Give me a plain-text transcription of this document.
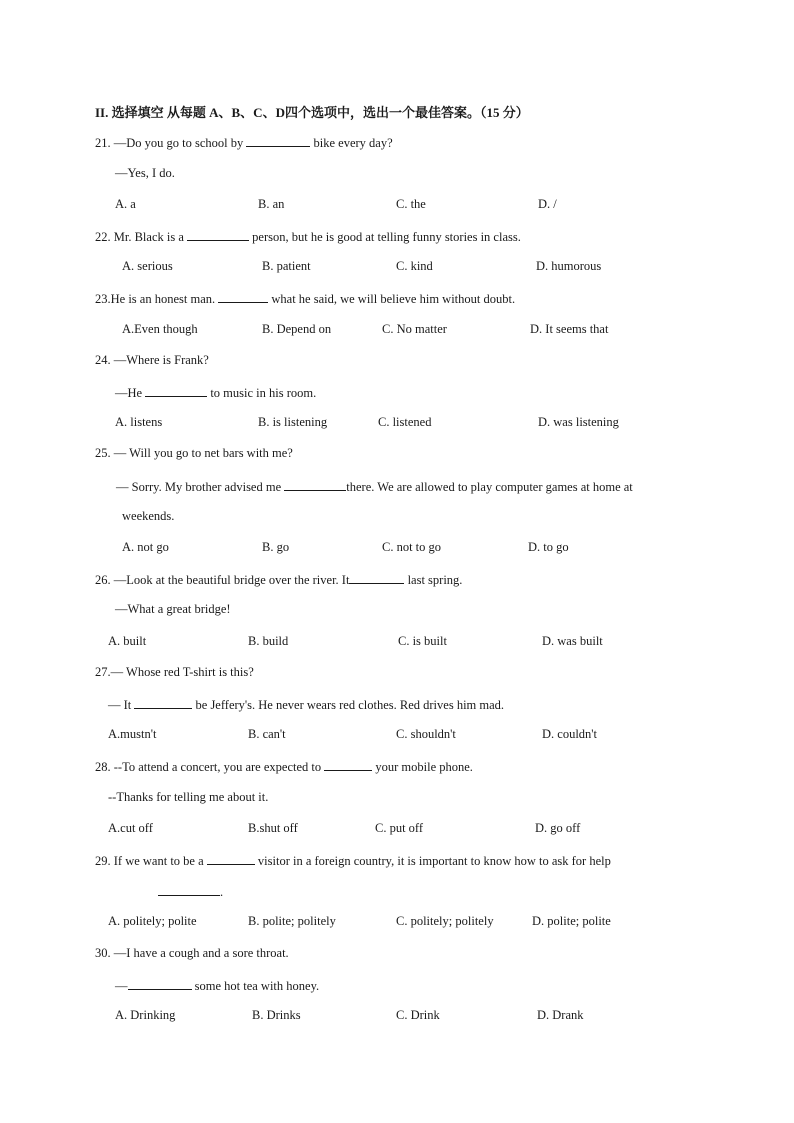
II. 选择填空 从每题 A、B、C、D四个选项中，选出一个最佳答案。（15 分）
21. —Do you go to school by	bike every day?
—Yes, I do.
A. a	B. an	C. the	D. /
22. Mr. Black is a	person, but he is good at telling funny stories in class.
A. serious	B. patient	C. kind	D. humorous
23.He is an honest man.	what he said, we will believe him without doubt.
A.Even though	B. Depend on	C. No matter	D. It seems that
24. —Where is Frank?
—He	to music in his room.
A. listens	B. is listening	C. listened	D. was listening
25. — Will you go to net bars with me?
— Sorry. My brother advised me	there. We are allowed to play computer games at home at
weekends.
A. not go	B. go	C. not to go	D. to go
26. —Look at the beautiful bridge over the river. It	last spring.
—What a great bridge!
A. built	B. build	C. is built	D. was built
27.— Whose red T-shirt is this?
— It	be Jeffery's. He never wears red clothes. Red drives him mad.
A.mustn't	B. can't	C. shouldn't	D. couldn't
28. --To attend a concert, you are expected to	your mobile phone.
--Thanks for telling me about it.
A.cut off	B.shut off	C. put off	D. go off
29. If we want to be a	visitor in a foreign country, it is important to know how to ask for help
.
A. politely; polite	B. polite; politely	C. politely; politely	D. polite; polite
30. —I have a cough and a sore throat.
—	some hot tea with honey.
A. Drinking	B. Drinks	C. Drink	D. Drank
